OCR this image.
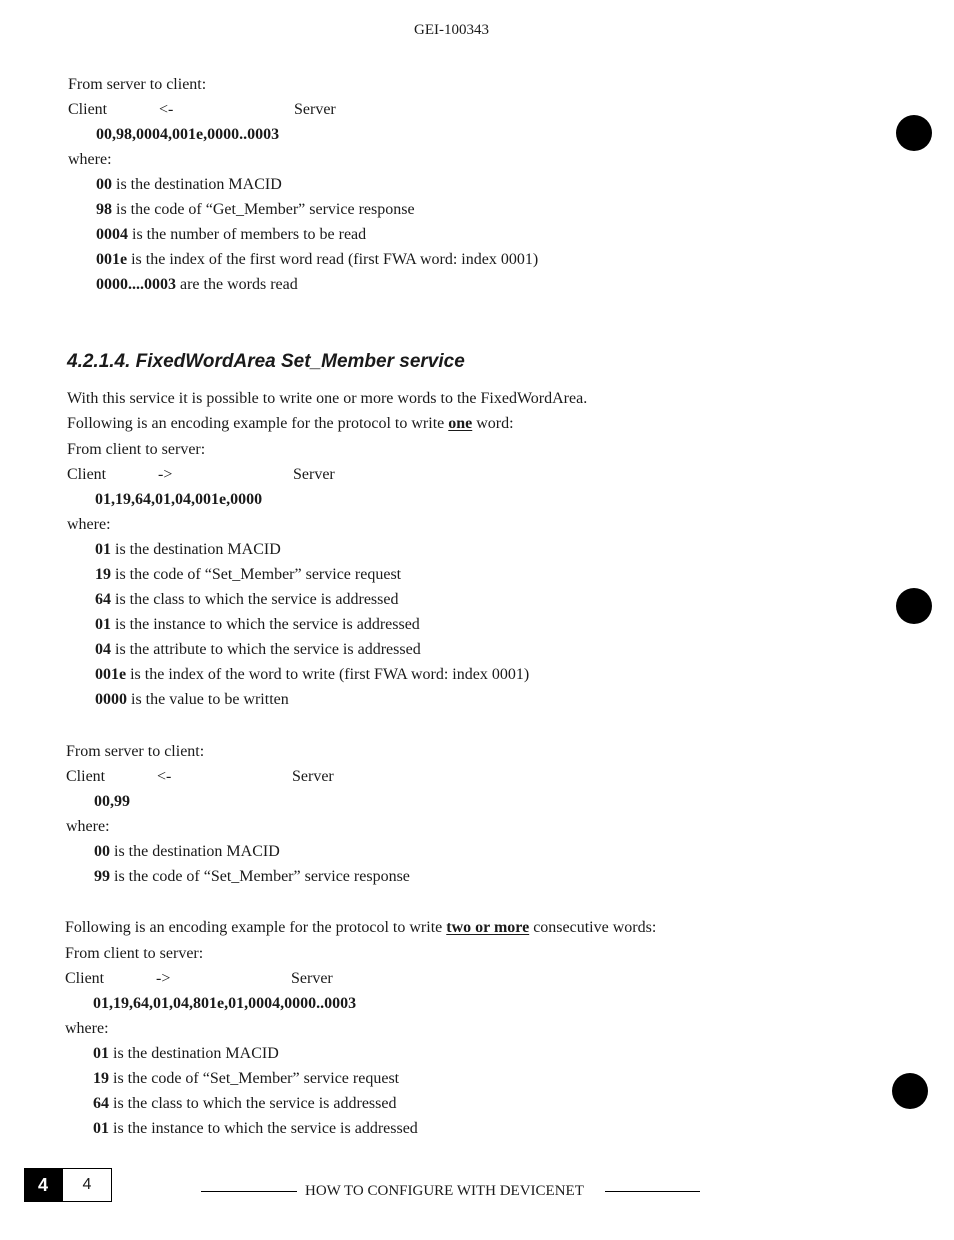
GEI-100343
From server to client:
Client	<-	Server
00,98,0004,001e,0000..0003
where:
00 is the destination MACID
98 is the code of “Get_Member” service response
0004 is the number of members to be read
001e is the index of the first word read (first FWA word: index 0001)
0000....0003 are the words read
4.2.1.4. FixedWordArea Set_Member service
With this service it is possible to write one or more words to the FixedWordArea.
Following is an encoding example for the protocol to write one word:
From client to server:
Client	->	Server
01,19,64,01,04,001e,0000
where:
01 is the destination MACID
19 is the code of “Set_Member” service request
64 is the class to which the service is addressed
01 is the instance to which the service is addressed
04 is the attribute to which the service is addressed
001e is the index of the word to write (first FWA word: index 0001)
0000 is the value to be written
From server to client:
Client	<-	Server
00,99
where:
00 is the destination MACID
99 is the code of “Set_Member” service response
Following is an encoding example for the protocol to write two or more consecutive words:
From client to server:
Client	->	Server
01,19,64,01,04,801e,01,0004,0000..0003
where:
01 is the destination MACID
19 is the code of “Set_Member” service request
64 is the class to which the service is addressed
01 is the instance to which the service is addressed
4	4	HOW TO CONFIGURE WITH DEVICENET
